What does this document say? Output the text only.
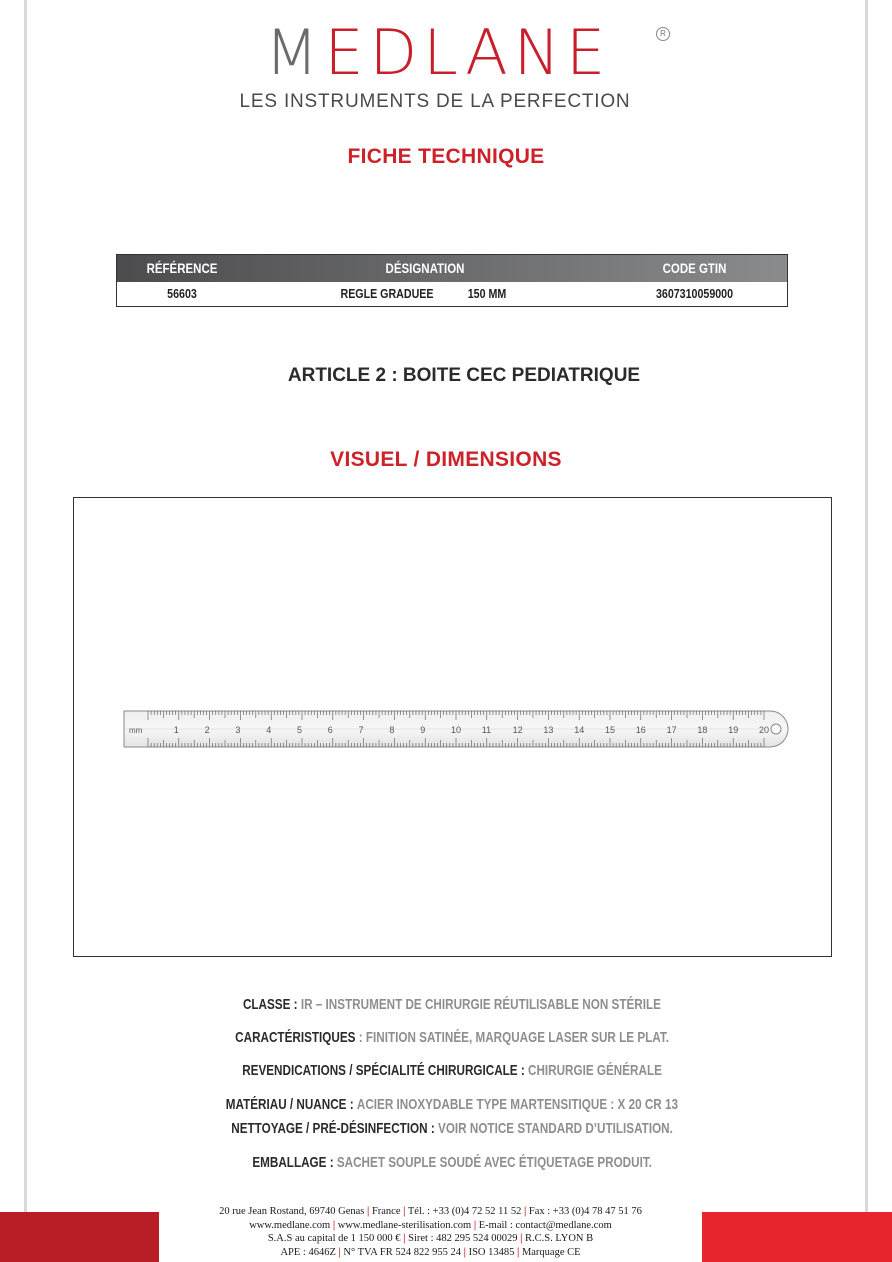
MEDLANE	R
LES INSTRUMENTS DE LA PERFECTION
FICHE TECHNIQUE
RÉFÉRENCE	DÉSIGNATION	CODE GTIN
56603	REGLE GRADUEE	150 MM	3607310059000
ARTICLE 2 : BOITE CEC PEDIATRIQUE
VISUEL / DIMENSIONS
1	2	3	4	5	6	7	8	9	10 11 12 13 14 15 16 17 18 19 20
mm
CLASSE : IR – INSTRUMENT DE CHIRURGIE RÉUTILISABLE NON STÉRILE
CARACTÉRISTIQUES : FINITION SATINÉE, MARQUAGE LASER SUR LE PLAT.
REVENDICATIONS / SPÉCIALITÉ CHIRURGICALE : CHIRURGIE GÉNÉRALE
MATÉRIAU / NUANCE : ACIER INOXYDABLE TYPE MARTENSITIQUE : X 20 CR 13
NETTOYAGE / PRÉ-DÉSINFECTION : VOIR NOTICE STANDARD D’UTILISATION.
EMBALLAGE : SACHET SOUPLE SOUDÉ AVEC ÉTIQUETAGE PRODUIT.
20 rue Jean Rostand, 69740 Genas | France | Tél. : +33 (0)4 72 52 11 52 | Fax : +33 (0)4 78 47 51 76
www.medlane.com | www.medlane-sterilisation.com | E-mail : contact@medlane.com
S.A.S au capital de 1 150 000 € | Siret : 482 295 524 00029 | R.C.S. LYON B
APE : 4646Z | N° TVA FR 524 822 955 24 | ISO 13485 | Marquage CE
